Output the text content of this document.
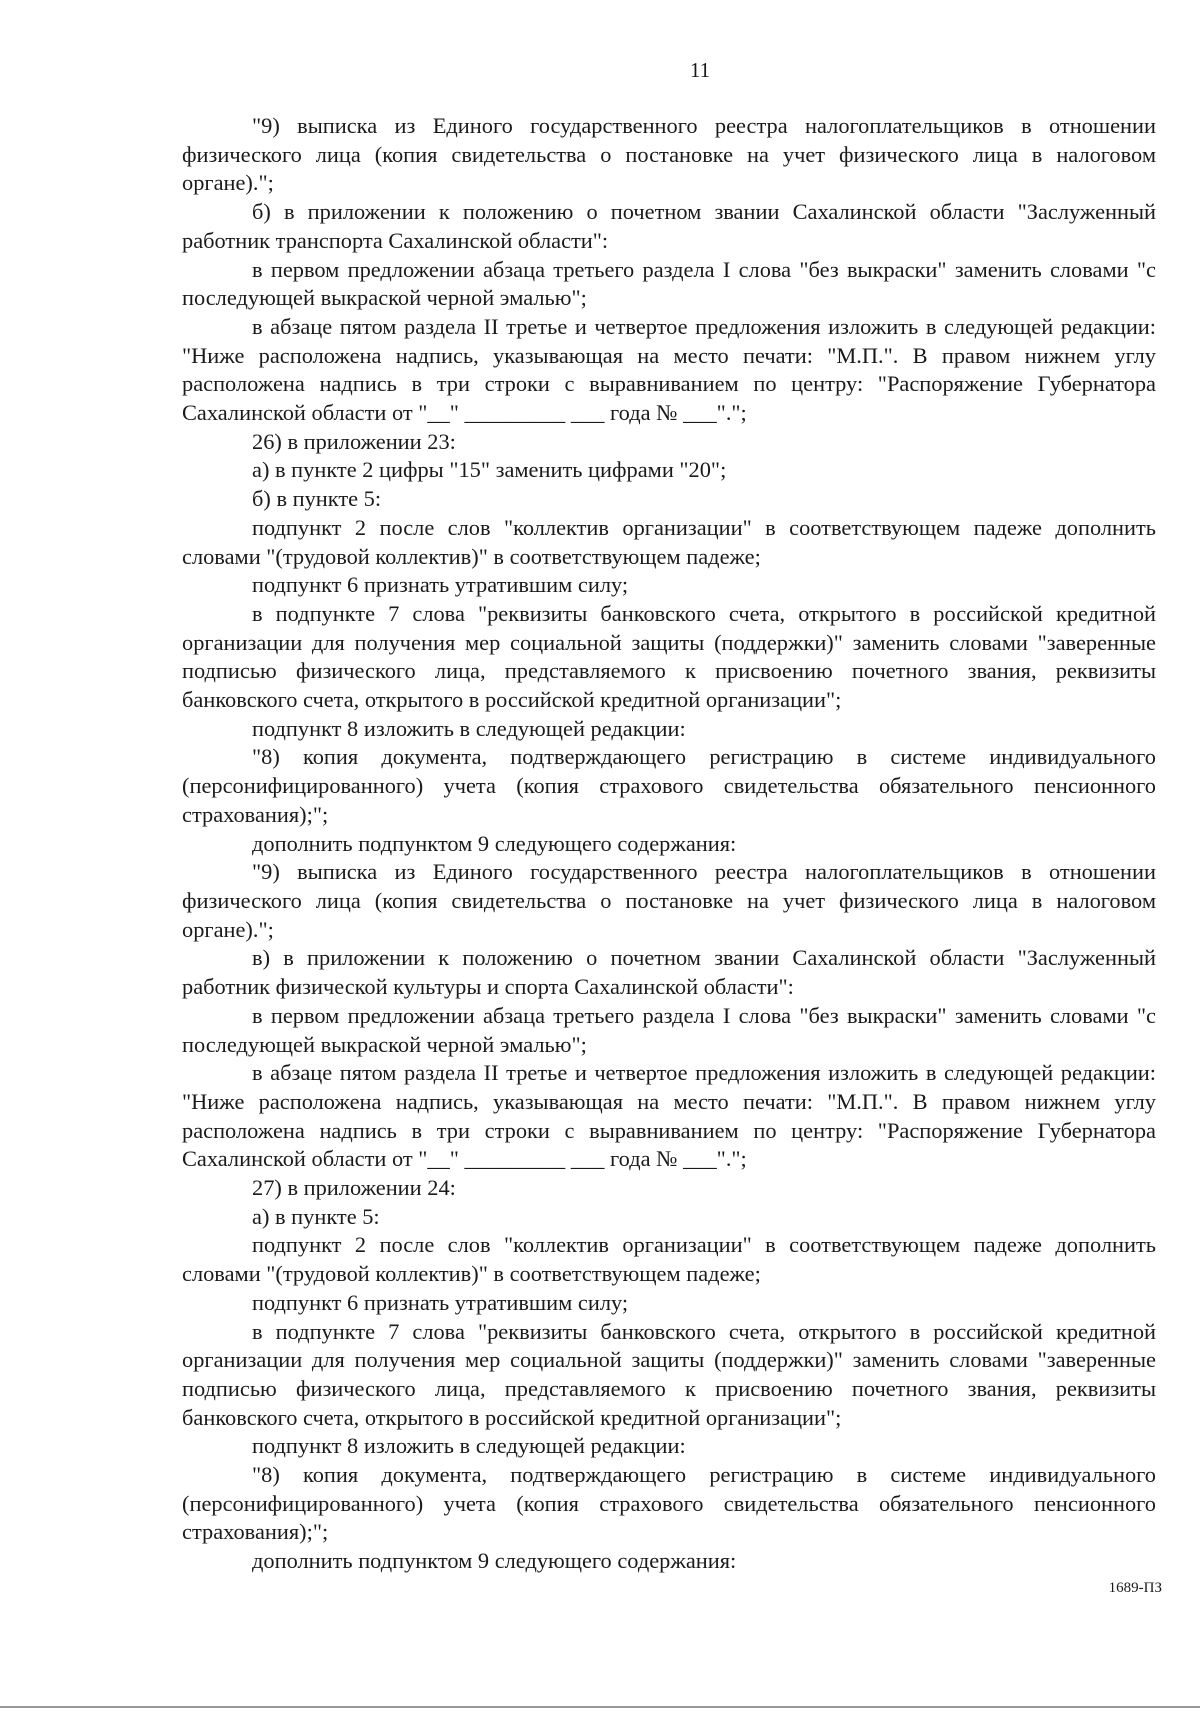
11

"9) выписка из Единого государственного реестра налогоплательщиков в отношении физического лица (копия свидетельства о постановке на учет физического лица в налоговом органе).";

б) в приложении к положению о почетном звании Сахалинской области "Заслуженный работник транспорта Сахалинской области":

в первом предложении абзаца третьего раздела I слова "без выкраски" заменить словами "с последующей выкраской черной эмалью";

в абзаце пятом раздела II третье и четвертое предложения изложить в следующей редакции: "Ниже расположена надпись, указывающая на место печати: "М.П.". В правом нижнем углу расположена надпись в три строки с выравниванием по центру: "Распоряжение Губернатора Сахалинской области от "__" _________ ___ года № ___".";

26) в приложении 23:

а) в пункте 2 цифры "15" заменить цифрами "20";

б) в пункте 5:

подпункт 2 после слов "коллектив организации" в соответствующем падеже дополнить словами "(трудовой коллектив)" в соответствующем падеже;

подпункт 6 признать утратившим силу;

в подпункте 7 слова "реквизиты банковского счета, открытого в российской кредитной организации для получения мер социальной защиты (поддержки)" заменить словами "заверенные подписью физического лица, представляемого к присвоению почетного звания, реквизиты банковского счета, открытого в российской кредитной организации";

подпункт 8 изложить в следующей редакции:

"8) копия документа, подтверждающего регистрацию в системе индивидуального (персонифицированного) учета (копия страхового свидетельства обязательного пенсионного страхования);";

дополнить подпунктом 9 следующего содержания:

"9) выписка из Единого государственного реестра налогоплательщиков в отношении физического лица (копия свидетельства о постановке на учет физического лица в налоговом органе).";

в) в приложении к положению о почетном звании Сахалинской области "Заслуженный работник физической культуры и спорта Сахалинской области":

в первом предложении абзаца третьего раздела I слова "без выкраски" заменить словами "с последующей выкраской черной эмалью";

в абзаце пятом раздела II третье и четвертое предложения изложить в следующей редакции: "Ниже расположена надпись, указывающая на место печати: "М.П.". В правом нижнем углу расположена надпись в три строки с выравниванием по центру: "Распоряжение Губернатора Сахалинской области от "__" _________ ___ года № ___".";

27) в приложении 24:

а) в пункте 5:

подпункт 2 после слов "коллектив организации" в соответствующем падеже дополнить словами "(трудовой коллектив)" в соответствующем падеже;

подпункт 6 признать утратившим силу;

в подпункте 7 слова "реквизиты банковского счета, открытого в российской кредитной организации для получения мер социальной защиты (поддержки)" заменить словами "заверенные подписью физического лица, представляемого к присвоению почетного звания, реквизиты банковского счета, открытого в российской кредитной организации";

подпункт 8 изложить в следующей редакции:

"8) копия документа, подтверждающего регистрацию в системе индивидуального (персонифицированного) учета (копия страхового свидетельства обязательного пенсионного страхования);";

дополнить подпунктом 9 следующего содержания:

1689-ПЗ
